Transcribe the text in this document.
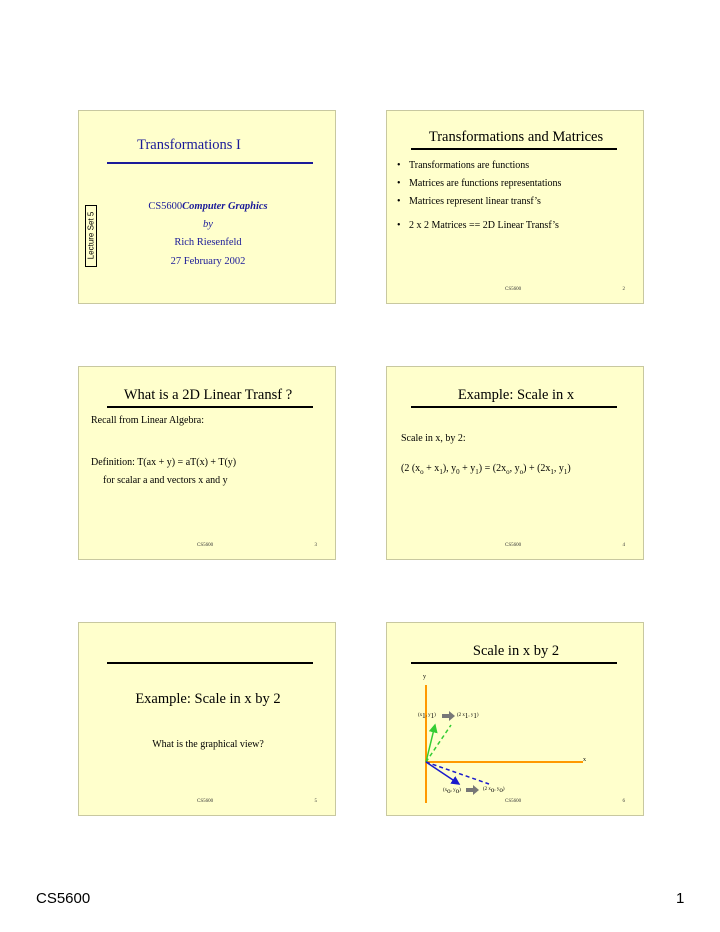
Transformations I
Lecture Set 5
CS5600Computer Graphics
by
Rich Riesenfeld
27 February 2002
Transformations and Matrices
• Transformations are functions
• Matrices are functions representations
• Matrices represent linear transf’s
• 2 x 2 Matrices == 2D Linear Transf’s
CS5600	2
What is a 2D Linear Transf ?
Recall from Linear Algebra:
Definition: T(ax + y) = aT(x) + T(y)
for scalar a and vectors x and y
CS5600	3
Example: Scale in x
Scale in x, by 2:
(2 $(x_o + x_1)$, $y_0 + y_1) = (2x_o$, $y_o) + (2x_1$, $y_1$)
CS5600	4
Example: Scale in x by 2
What is the graphical view?
CS5600	5
Scale in x by 2
y
x
($x_1$, $y_1$)	(2 $x_1$, $y_1$)
($x_o$, $y_o$)	(2 $x_o$, $y_o$)
CS5600	6
CS5600	1
